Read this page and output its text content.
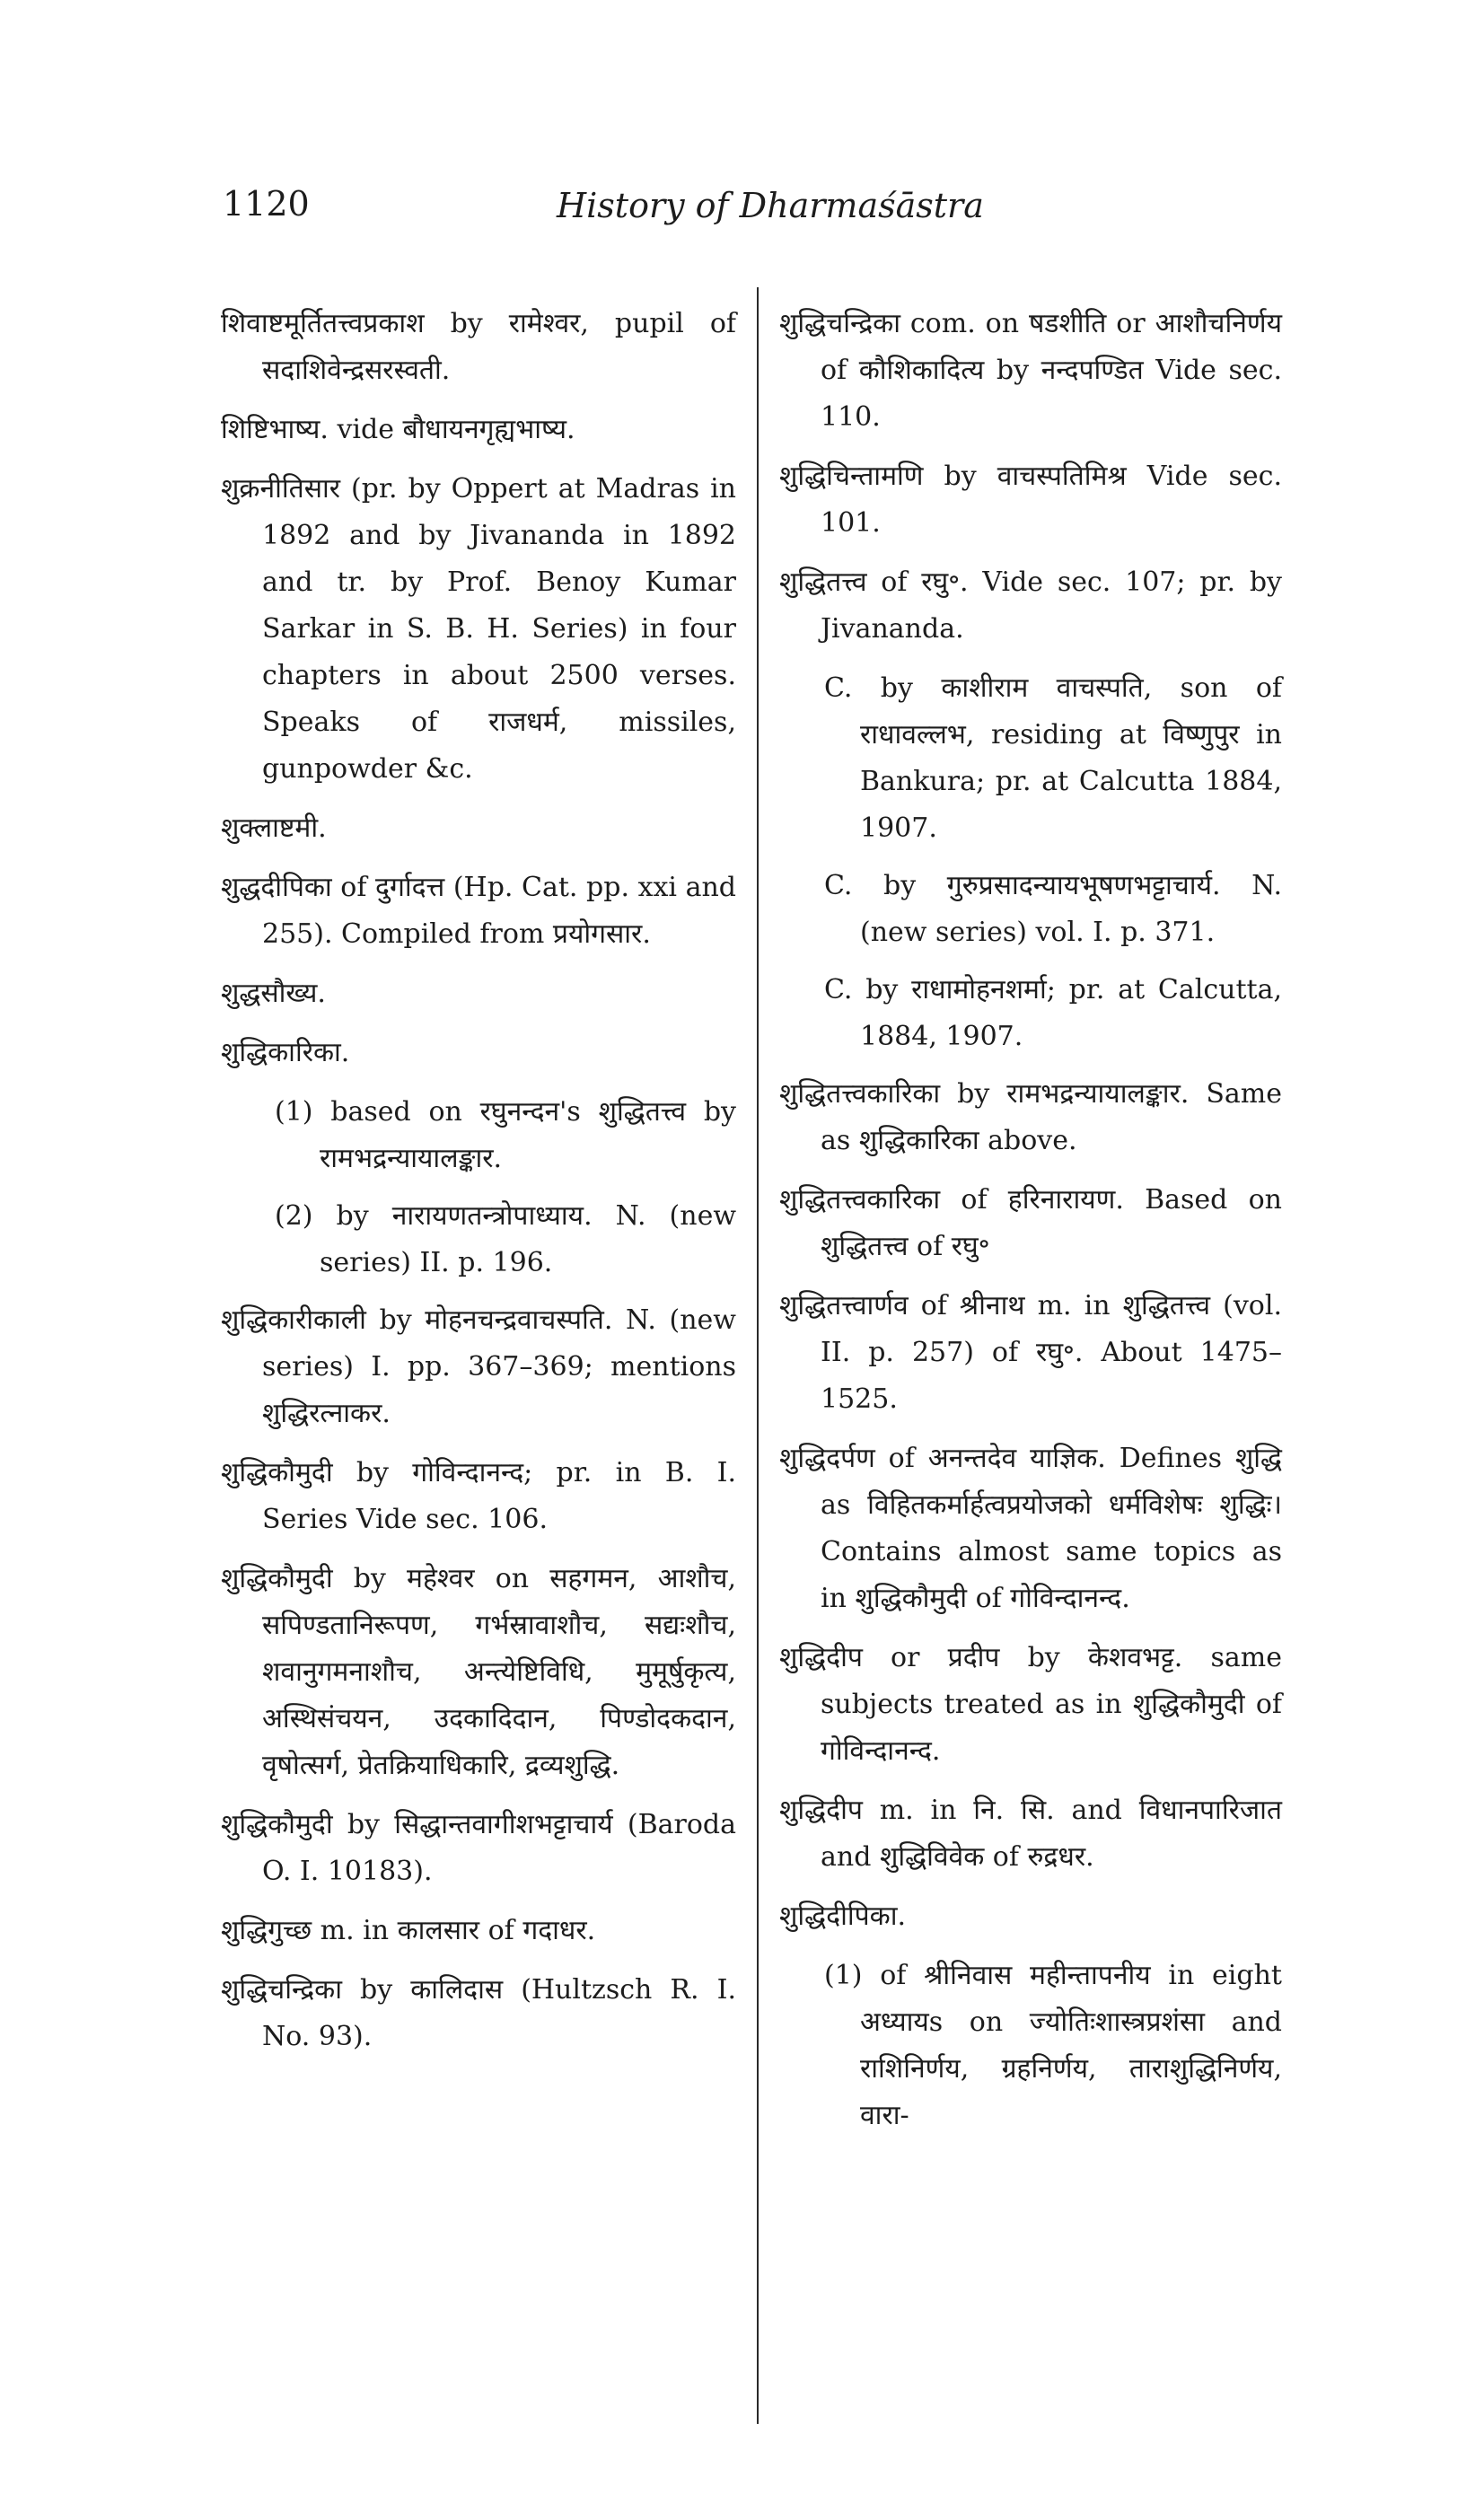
1120	History of Dharmaśāstra

शिवाष्टमूर्तितत्त्वप्रकाश by रामेश्वर, pupil of सदाशिवेन्द्रसरस्वती.

शिष्टिभाष्य. vide बौधायनगृह्यभाष्य.

शुक्रनीतिसार (pr. by Oppert at Madras in 1892 and by Jivananda in 1892 and tr. by Prof. Benoy Kumar Sarkar in S. B. H. Series) in four chapters in about 2500 verses. Speaks of राजधर्म, missiles, gunpowder &c.

शुक्लाष्टमी.

शुद्धदीपिका of दुर्गादत्त (Hp. Cat. pp. xxi and 255). Compiled from प्रयोगसार.

शुद्धसौख्य.

शुद्धिकारिका.

(1) based on रघुनन्दन's शुद्धितत्त्व by रामभद्रन्यायालङ्कार.

(2) by नारायणतन्त्रोपाध्याय. N. (new series) II. p. 196.

शुद्धिकारीकाली by मोहनचन्द्रवाचस्पति. N. (new series) I. pp. 367–369; mentions शुद्धिरत्नाकर.

शुद्धिकौमुदी by गोविन्दानन्द; pr. in B. I. Series Vide sec. 106.

शुद्धिकौमुदी by महेश्वर on सहगमन, आशौच, सपिण्डतानिरूपण, गर्भस्रावाशौच, सद्यःशौच, शवानुगमनाशौच, अन्त्येष्टिविधि, मुमूर्षुकृत्य, अस्थिसंचयन, उदकादिदान, पिण्डोदकदान, वृषोत्सर्ग, प्रेतक्रियाधिकारि, द्रव्यशुद्धि.

शुद्धिकौमुदी by सिद्धान्तवागीशभट्टाचार्य (Baroda O. I. 10183).

शुद्धिगुच्छ m. in कालसार of गदाधर.

शुद्धिचन्द्रिका by कालिदास (Hultzsch R. I. No. 93).

शुद्धिचन्द्रिका com. on षडशीति or आशौचनिर्णय of कौशिकादित्य by नन्दपण्डित Vide sec. 110.

शुद्धिचिन्तामणि by वाचस्पतिमिश्र Vide sec. 101.

शुद्धितत्त्व of रघु॰. Vide sec. 107; pr. by Jivananda.

C. by काशीराम वाचस्पति, son of राधावल्लभ, residing at विष्णुपुर in Bankura; pr. at Calcutta 1884, 1907.

C. by गुरुप्रसादन्यायभूषणभट्टाचार्य. N. (new series) vol. I. p. 371.

C. by राधामोहनशर्मा; pr. at Calcutta, 1884, 1907.

शुद्धितत्त्वकारिका by रामभद्रन्यायालङ्कार. Same as शुद्धिकारिका above.

शुद्धितत्त्वकारिका of हरिनारायण. Based on शुद्धितत्त्व of रघु॰

शुद्धितत्त्वार्णव of श्रीनाथ m. in शुद्धितत्त्व (vol. II. p. 257) of रघु॰. About 1475–1525.

शुद्धिदर्पण of अनन्तदेव याज्ञिक. Defines शुद्धि as विहितकर्मार्हत्वप्रयोजको धर्मविशेषः शुद्धिः। Contains almost same topics as in शुद्धिकौमुदी of गोविन्दानन्द.

शुद्धिदीप or प्रदीप by केशवभट्ट. same subjects treated as in शुद्धिकौमुदी of गोविन्दानन्द.

शुद्धिदीप m. in नि. सि. and विधानपारिजात and शुद्धिविवेक of रुद्रधर.

शुद्धिदीपिका.

(1) of श्रीनिवास महीन्तापनीय in eight अध्यायs on ज्योतिःशास्त्रप्रशंसा and राशिनिर्णय, ग्रहनिर्णय, ताराशुद्धिनिर्णय, वारा-
